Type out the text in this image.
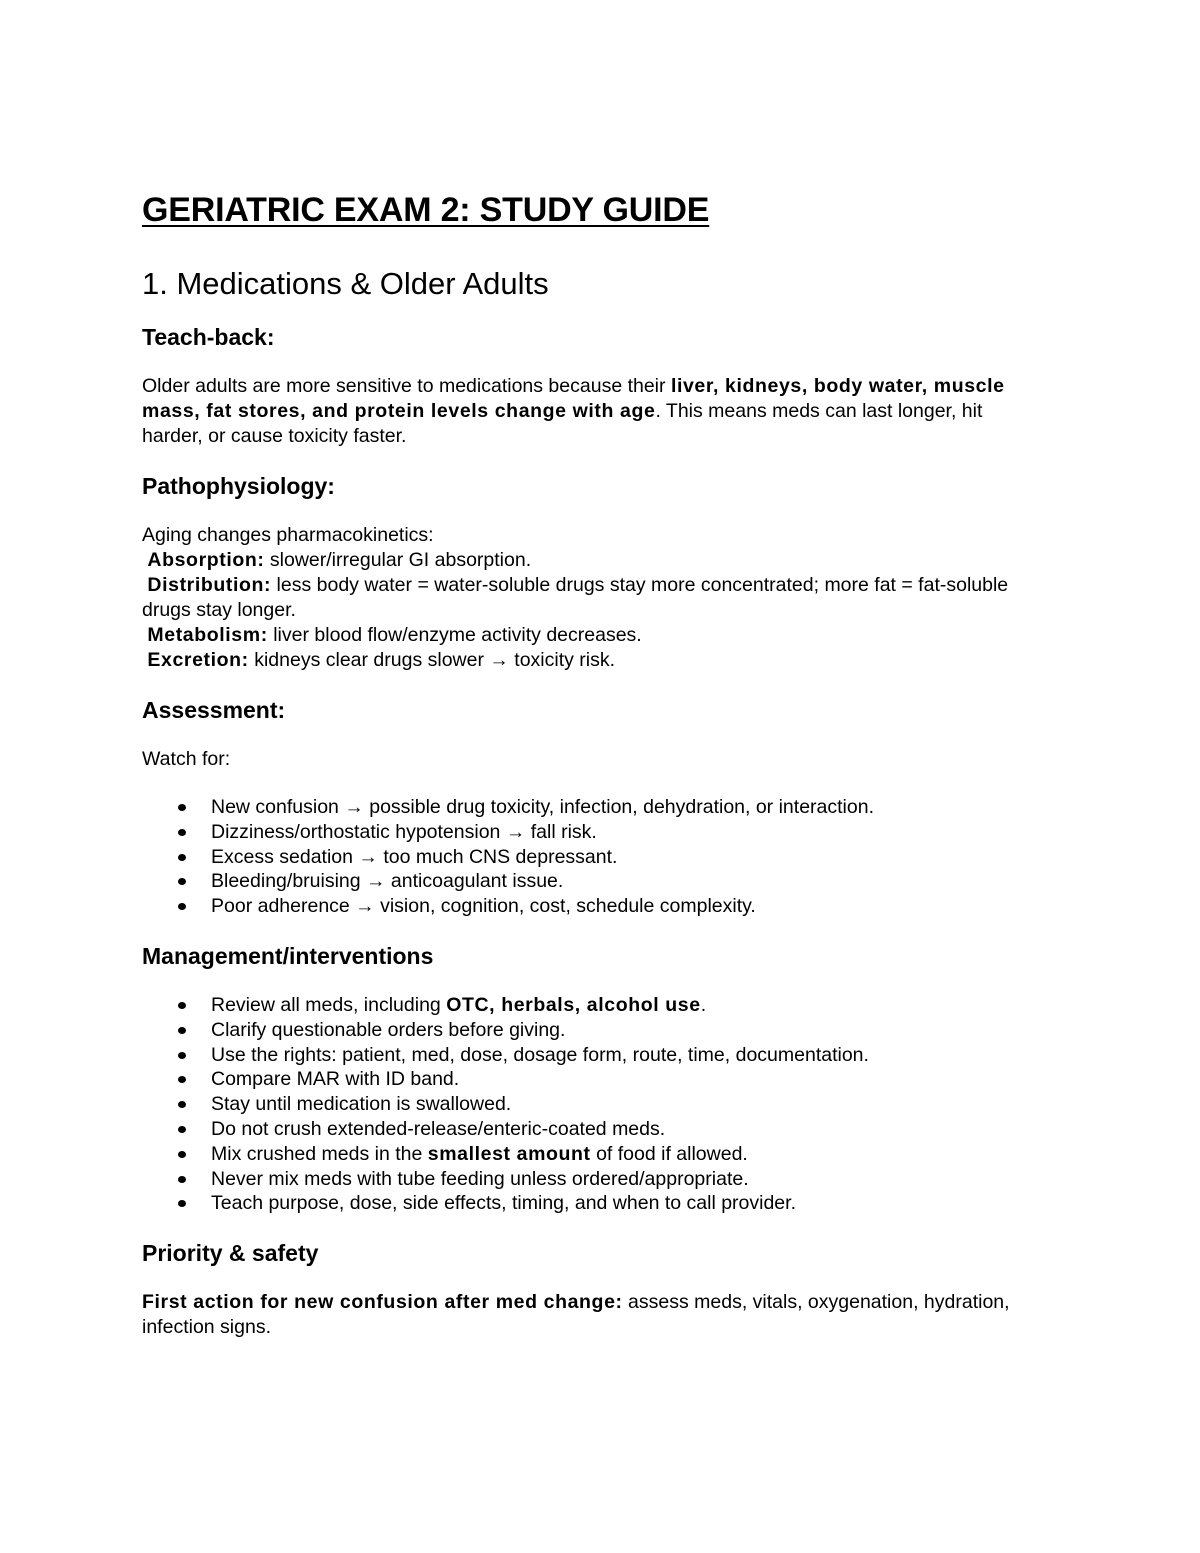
GERIATRIC EXAM 2: STUDY GUIDE
1. Medications & Older Adults
Teach-back:

Older adults are more sensitive to medications because their liver, kidneys, body water, muscle mass, fat stores, and protein levels change with age. This means meds can last longer, hit harder, or cause toxicity faster.

Pathophysiology:
Aging changes pharmacokinetics:
Absorption: slower/irregular GI absorption.
Distribution: less body water = water-soluble drugs stay more concentrated; more fat = fat-soluble drugs stay longer.
Metabolism: liver blood flow/enzyme activity decreases.
Excretion: kidneys clear drugs slower → toxicity risk.
Assessment:

Watch for:

New confusion → possible drug toxicity, infection, dehydration, or interaction.
Dizziness/orthostatic hypotension → fall risk.
Excess sedation → too much CNS depressant.
Bleeding/bruising → anticoagulant issue.
Poor adherence → vision, cognition, cost, schedule complexity.
Management/interventions
Review all meds, including OTC, herbals, alcohol use.
Clarify questionable orders before giving.
Use the rights: patient, med, dose, dosage form, route, time, documentation.
Compare MAR with ID band.
Stay until medication is swallowed.
Do not crush extended-release/enteric-coated meds.
Mix crushed meds in the smallest amount of food if allowed.
Never mix meds with tube feeding unless ordered/appropriate.
Teach purpose, dose, side effects, timing, and when to call provider.
Priority & safety

First action for new confusion after med change: assess meds, vitals, oxygenation, hydration, infection signs.
